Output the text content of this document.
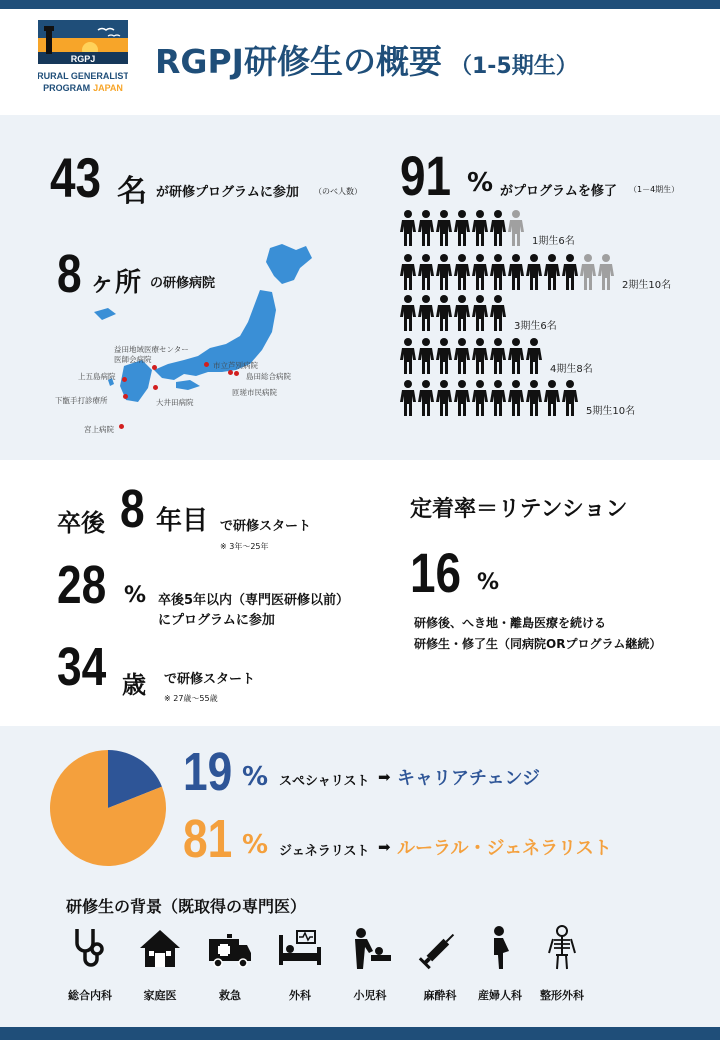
RGPJ
RURAL GENERALIST
PROGRAM JAPAN
RGPJ研修生の概要 （1-5期生）
43 名 が研修プログラムに参加 （のべ人数）
8 ヶ所 の研修病院
益田地域医療センター
医師会病院
上五島病院
下甑手打診療所
宮上病院
大井田病院
市立芦別病院
島田総合病院
匝瑳市民病院
91 % がプログラムを修了 （1－4期生）
1期生6名
2期生10名
3期生6名
4期生8名
5期生10名
卒後 8 年目 で研修スタート
※ 3年～25年
28 % 卒後5年以内（専門医研修以前）
にプログラムに参加
34 歳 で研修スタート
※ 27歳～55歳
定着率＝リテンション
16 %
研修後、へき地・離島医療を続ける
研修生・修了生（同病院ORプログラム継続）
19 % スペシャリスト ➡ キャリアチェンジ
81 % ジェネラリスト ➡ ルーラル・ジェネラリスト
研修生の背景（既取得の専門医）
総合内科	家庭医	救急	外科	小児科	麻酔科	産婦人科	整形外科
